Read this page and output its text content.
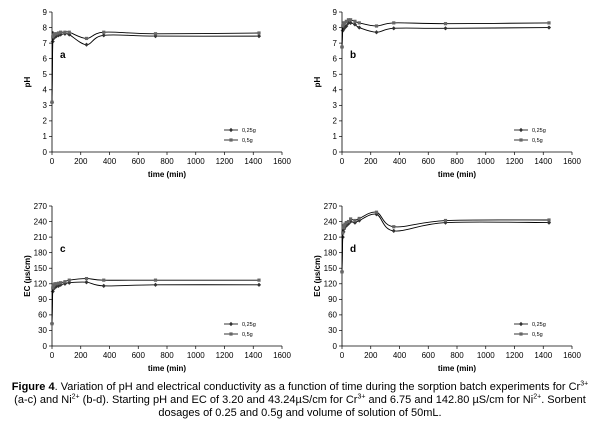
0
1
2
3
4
5
6
7
8
9
0 200 400 600 800 1000 1200 1400 1600
time (min)
pH
a
0,25g
0,5g
0
1
2
3
4
5
6
7
8
9
0 200 400 600 800 1000 1200 1400 1600
time (min)
pH
b
0,25g
0,5g
0
30
60
90
120
150
180
210
240
270
0 200 400 600 800 1000 1200 1400 1600
time (min)
EC (µs/cm)
c
0,25g
0,5g
0
30
60
90
120
150
180
210
240
270
0 200 400 600 800 1000 1200 1400 1600
time (min)
EC (µs/cm)
d
0,25g
0,5g
Figure 4. Variation of pH and electrical conductivity as a function of time during the sorption batch experiments for $Cr^{3+}$ (a-c) and $Ni^{2+}$ (b-d). Starting pH and EC of 3.20 and 43.24µS/cm for $Cr^{3+}$ and 6.75 and 142.80 µS/cm for $Ni^{2+}$. Sorbent dosages of 0.25 and 0.5g and volume of solution of 50mL.
